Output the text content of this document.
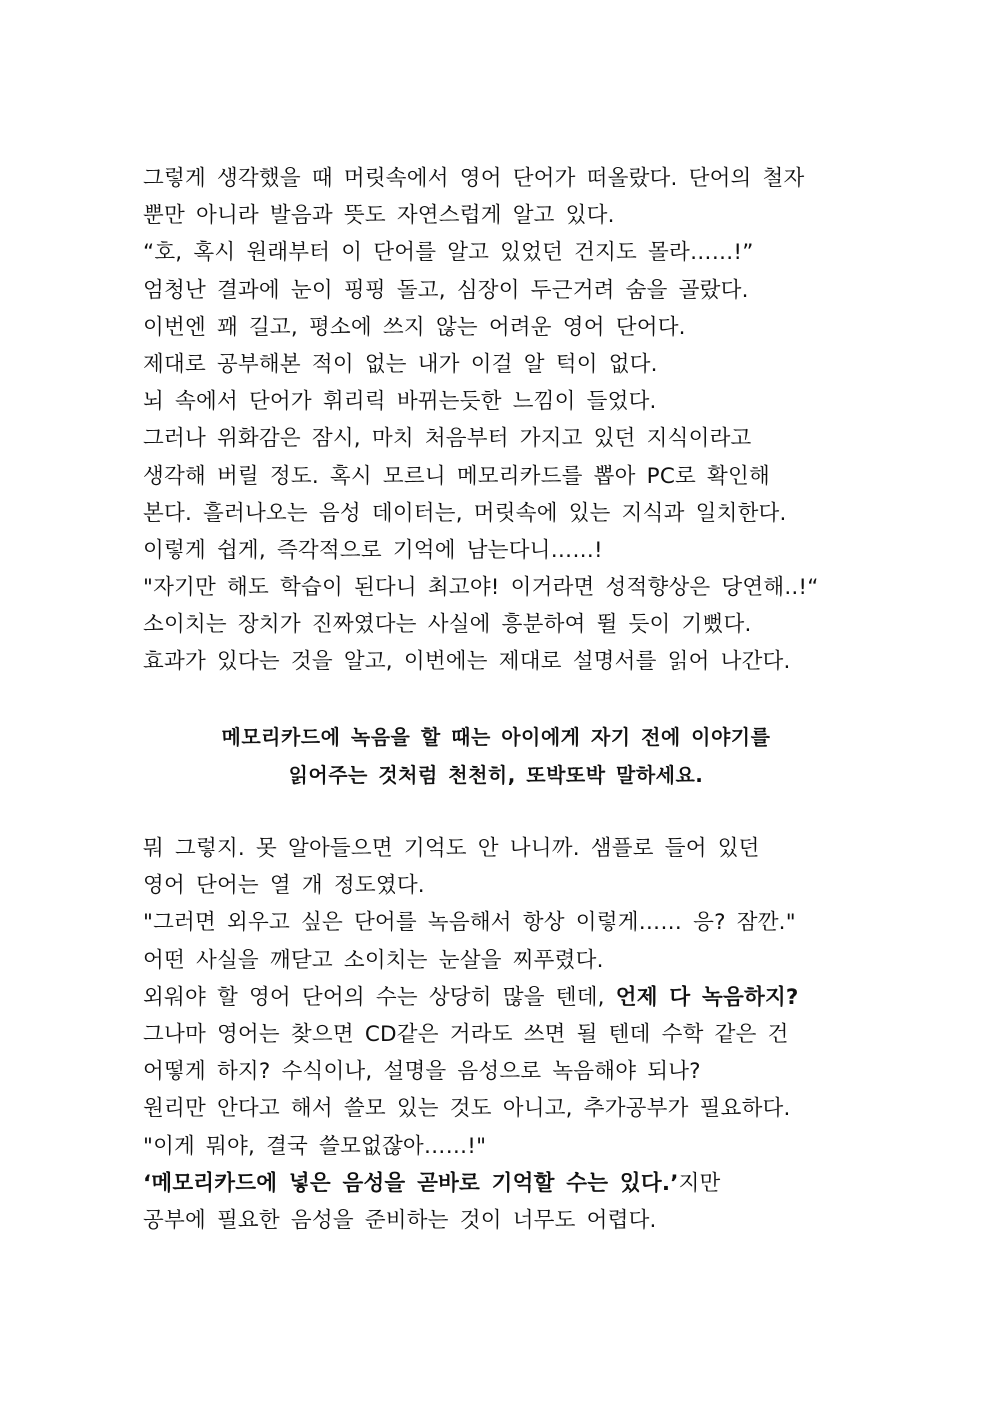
그렇게 생각했을 때 머릿속에서 영어 단어가 떠올랐다. 단어의 철자
뿐만 아니라 발음과 뜻도 자연스럽게 알고 있다.
“호, 혹시 원래부터 이 단어를 알고 있었던 건지도 몰라……!”
엄청난 결과에 눈이 핑핑 돌고, 심장이 두근거려 숨을 골랐다.
이번엔 꽤 길고, 평소에 쓰지 않는 어려운 영어 단어다.
제대로 공부해본 적이 없는 내가 이걸 알 턱이 없다.
뇌 속에서 단어가 휘리릭 바뀌는듯한 느낌이 들었다.
그러나 위화감은 잠시, 마치 처음부터 가지고 있던 지식이라고
생각해 버릴 정도. 혹시 모르니 메모리카드를 뽑아 PC로 확인해
본다. 흘러나오는 음성 데이터는, 머릿속에 있는 지식과 일치한다.
이렇게 쉽게, 즉각적으로 기억에 남는다니……!
"자기만 해도 학습이 된다니 최고야! 이거라면 성적향상은 당연해..!“
소이치는 장치가 진짜였다는 사실에 흥분하여 뛸 듯이 기뻤다.
효과가 있다는 것을 알고, 이번에는 제대로 설명서를 읽어 나간다.
메모리카드에 녹음을 할 때는 아이에게 자기 전에 이야기를
읽어주는 것처럼 천천히, 또박또박 말하세요.
뭐 그렇지. 못 알아들으면 기억도 안 나니까. 샘플로 들어 있던
영어 단어는 열 개 정도였다.
"그러면 외우고 싶은 단어를 녹음해서 항상 이렇게…… 응? 잠깐."
어떤 사실을 깨닫고 소이치는 눈살을 찌푸렸다.
외워야 할 영어 단어의 수는 상당히 많을 텐데, 언제 다 녹음하지?
그나마 영어는 찾으면 CD같은 거라도 쓰면 될 텐데 수학 같은 건
어떻게 하지? 수식이나, 설명을 음성으로 녹음해야 되나?
원리만 안다고 해서 쓸모 있는 것도 아니고, 추가공부가 필요하다.
"이게 뭐야, 결국 쓸모없잖아……!"
‘메모리카드에 넣은 음성을 곧바로 기억할 수는 있다.’지만
공부에 필요한 음성을 준비하는 것이 너무도 어렵다.
